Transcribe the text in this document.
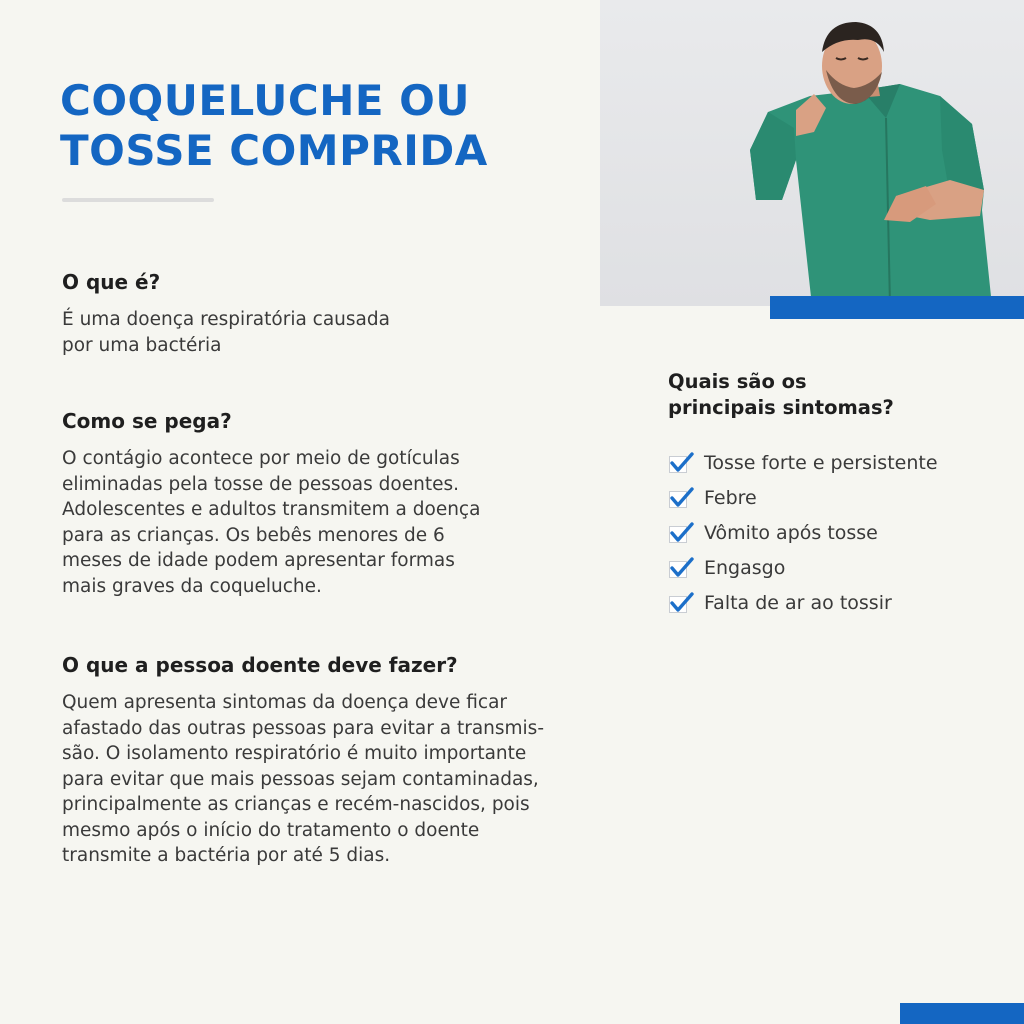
COQUELUCHE OU
TOSSE COMPRIDA
O que é?

É uma doença respiratória causada
por uma bactéria

Como se pega?

O contágio acontece por meio de gotículas
eliminadas pela tosse de pessoas doentes.
Adolescentes e adultos transmitem a doença
para as crianças. Os bebês menores de 6
meses de idade podem apresentar formas
mais graves da coqueluche.

O que a pessoa doente deve fazer?

Quem apresenta sintomas da doença deve ficar
afastado das outras pessoas para evitar a transmis-
são. O isolamento respiratório é muito importante
para evitar que mais pessoas sejam contaminadas,
principalmente as crianças e recém-nascidos, pois
mesmo após o início do tratamento o doente
transmite a bactéria por até 5 dias.

Quais são os
principais sintomas?
Tosse forte e persistente
Febre
Vômito após tosse
Engasgo
Falta de ar ao tossir
